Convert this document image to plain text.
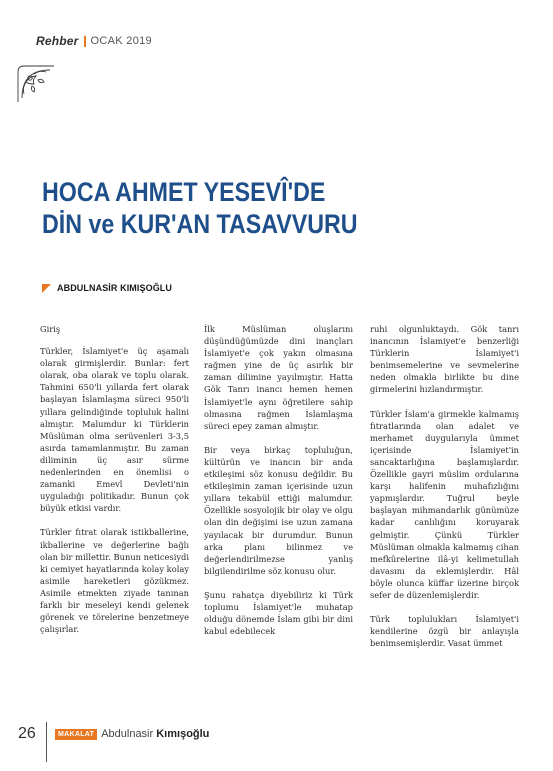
Rehber OCAK 2019
HOCA AHMET YESEVÎ'DE
DİN ve KUR'AN TASAVVURU
ABDULNASİR KIMIŞOĞLU

Giriş

Türkler, İslamiyet'e üç aşamalı olarak girmişlerdir. Bunlar: fert olarak, oba olarak ve toplu olarak. Tahmini 650'li yıllarda fert olarak başlayan İslamlaşma süreci 950'li yıllara gelindiğinde topluluk halini almıştır. Malumdur ki Türklerin Müslüman olma serüvenleri 3-3,5 asırda tamamlanmıştır. Bu zaman diliminin üç asır sürme nedenlerinden en önemlisi o zamanki Emevî Devleti'nin uyguladığı politikadır. Bunun çok büyük etkisi vardır.

Türkler fıtrat olarak istikballerine, ikballerine ve değerlerine bağlı olan bir millettir. Bunun neticesiydi ki cemiyet hayatlarında kolay kolay asimile hareketleri gözükmez. Asimile etmekten ziyade tanınan farklı bir meseleyi kendi gelenek görenek ve törelerine benzetmeye çalışırlar.

İlk Müslüman oluşlarını düşündüğümüzde dini inançları İslamiyet'e çok yakın olmasına rağmen yine de üç asırlık bir zaman dilimine yayılmıştır. Hatta Gök Tanrı inancı hemen hemen İslamiyet'le aynı öğretilere sahip olmasına rağmen İslamlaşma süreci epey zaman almıştır.

Bir veya birkaç topluluğun, kültürün ve inancın bir anda etkileşimi söz konusu değildir. Bu etkileşimin zaman içerisinde uzun yıllara tekabül ettiği malumdur. Özellikle sosyolojik bir olay ve olgu olan din değişimi ise uzun zamana yayılacak bir durumdur. Bunun arka planı bilinmez ve değerlendirilmezse yanlış bilgilendirilme söz konusu olur.

Şunu rahatça diyebiliriz ki Türk toplumu İslamiyet'le muhatap olduğu dönemde İslam gibi bir dini kabul edebilecek

ruhi olgunluktaydı. Gök tanrı inancının İslamiyet'e benzerliği Türklerin İslamiyet'i benimsemelerine ve sevmelerine neden olmakla birlikte bu dine girmelerini hızlandırmıştır.

Türkler İslam'a girmekle kalmamış fıtratlarında olan adalet ve merhamet duygularıyla ümmet içerisinde İslamiyet'in sancaktarlığına başlamışlardır. Özellikle gayri müslim ordularına karşı halifenin muhafızlığını yapmışlardır. Tuğrul beyle başlayan mihmandarlık günümüze kadar canlılığını koruyarak gelmiştir. Çünkü Türkler Müslüman olmakla kalmamış cihan mefkûrelerine ilâ-yi kelimetullah davasını da eklemişlerdir. Hâl böyle olunca küffar üzerine birçok sefer de düzenlemişlerdir.

Türk toplulukları İslamiyet'i kendilerine özgü bir anlayışla benimsemişlerdir. Vasat ümmet

26	MAKALAT Abdulnasir Kımışoğlu
